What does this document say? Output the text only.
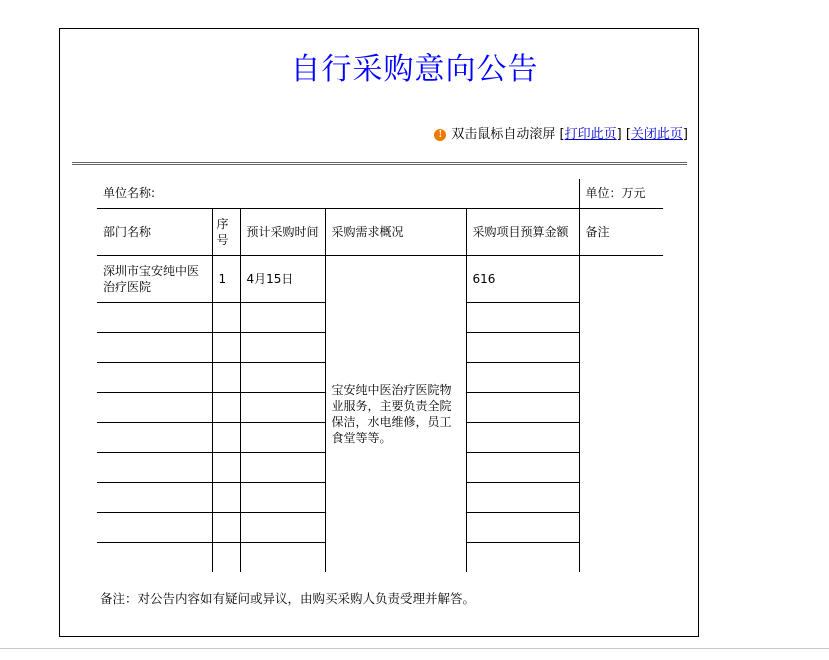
自行采购意向公告
! 双击鼠标自动滚屏 [ 打印此页 ] [ 关闭此页 ]
单位名称:					单位：万元
部门名称	序号	预计采购时间	采购需求概况	采购项目预算金额	备注
深圳市宝安纯中医治疗医院	1	4月15日	宝安纯中医治疗医院物业服务，主要负责全院保洁，水电维修，员工食堂等等。	616	

备注：对公告内容如有疑问或异议，由购买采购人负责受理并解答。
